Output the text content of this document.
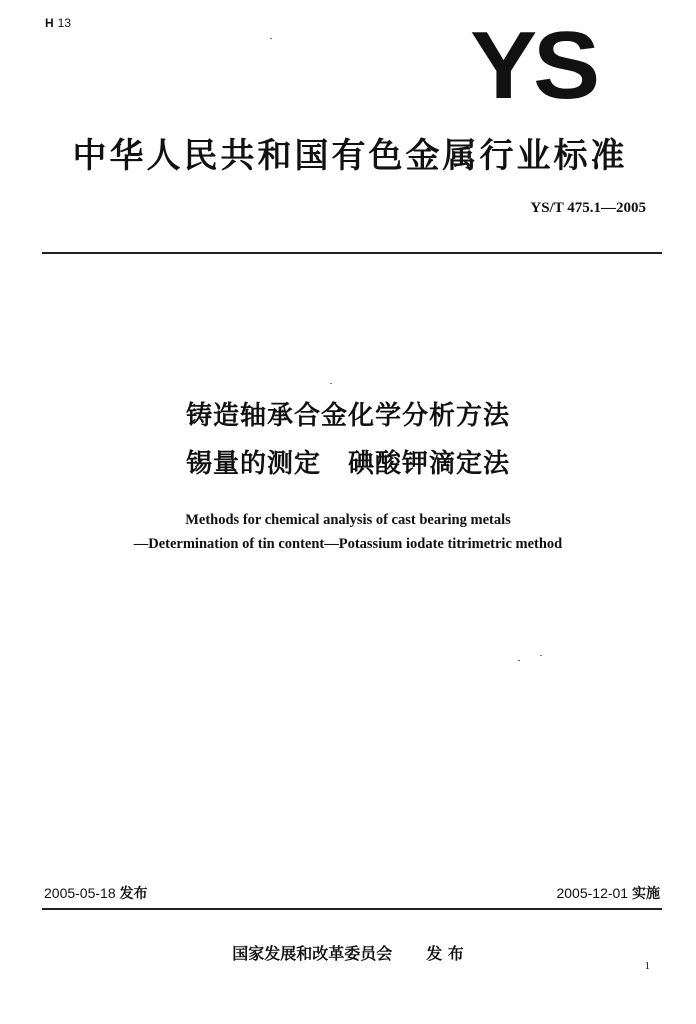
H 13	YS
中华人民共和国有色金属行业标准
YS/T 475.1—2005
铸造轴承合金化学分析方法
锡量的测定　碘酸钾滴定法
Methods for chemical analysis of cast bearing metals
—Determination of tin content—Potassium iodate titrimetric method
2005-05-18 发布	2005-12-01 实施
国家发展和改革委员会 发 布
1
